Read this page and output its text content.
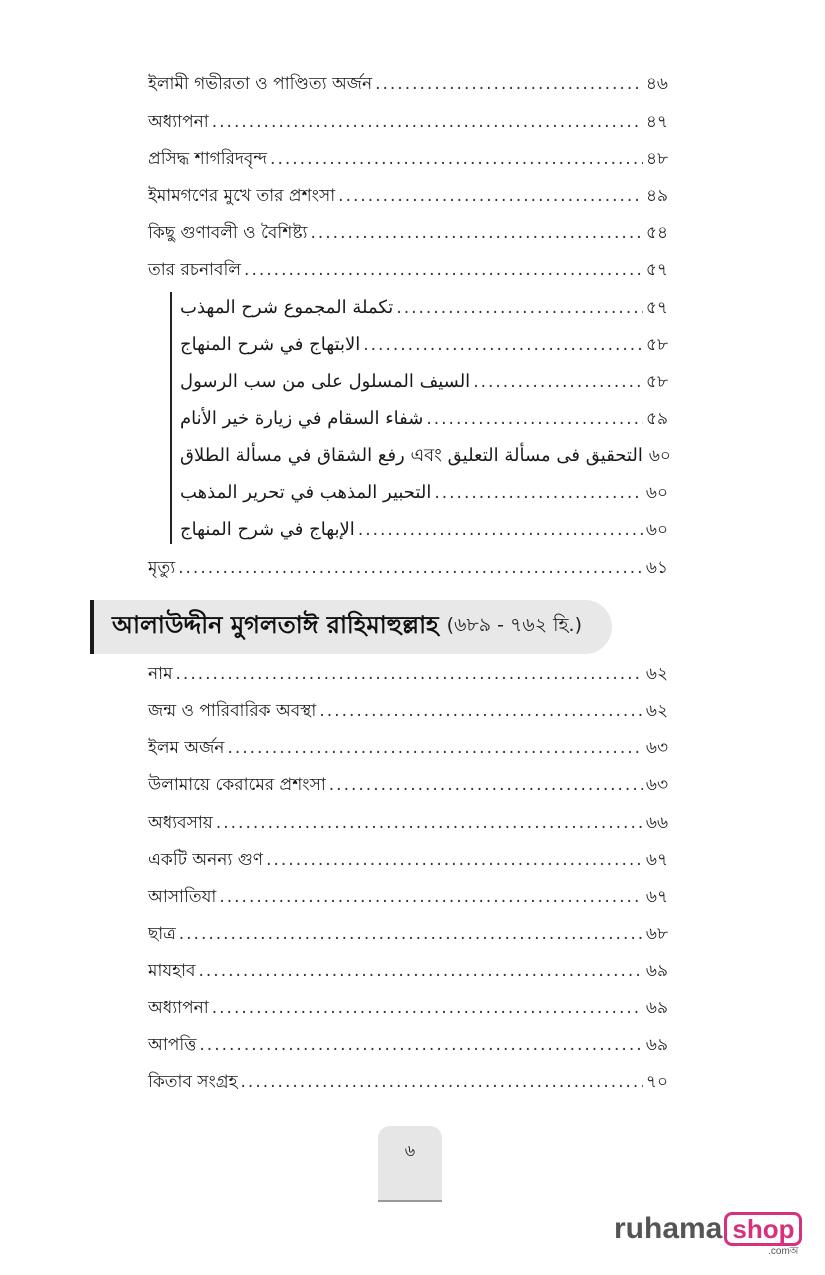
ইলামী গভীরতা ও পাণ্ডিত্য অর্জন .....	৪৬
অধ্যাপনা .....	৪৭
প্রসিদ্ধ শাগরিদবৃন্দ .....	৪৮
ইমামগণের মুখে তার প্রশংসা .....	৪৯
কিছু গুণাবলী ও বৈশিষ্ট্য .....	৫৪
তার রচনাবলি .....	৫৭
تكملة المجموع شرح المهذب .....	৫৭
الابتهاج في شرح المنهاج .....	৫৮
السيف المسلول على من سب الرسول .....	৫৮
شفاء السقام في زيارة خير الأنام .....	৫৯
التحقيق فى مسألة التعليق এবং رفع الشقاق في مسألة الطلاق ৬০
التحبير المذهب في تحرير المذهب .....	৬০
الإبهاج في شرح المنهاج .....	৬০
মৃত্যু .....	৬১
আলাউদ্দীন মুগলতাঈ রাহিমাহুল্লাহ (৬৮৯ - ৭৬২ হি.)
নাম .....	৬২
জন্ম ও পারিবারিক অবস্থা .....	৬২
ইলম অর্জন .....	৬৩
উলামায়ে কেরামের প্রশংসা .....	৬৩
অধ্যবসায় .....	৬৬
একটি অনন্য গুণ .....	৬৭
আসাতিযা .....	৬৭
ছাত্র .....	৬৮
মাযহাব .....	৬৯
অধ্যাপনা .....	৬৯
আপত্তি .....	৬৯
কিতাব সংগ্রহ .....	৭০
৬
ruhama shop
.comঅ
